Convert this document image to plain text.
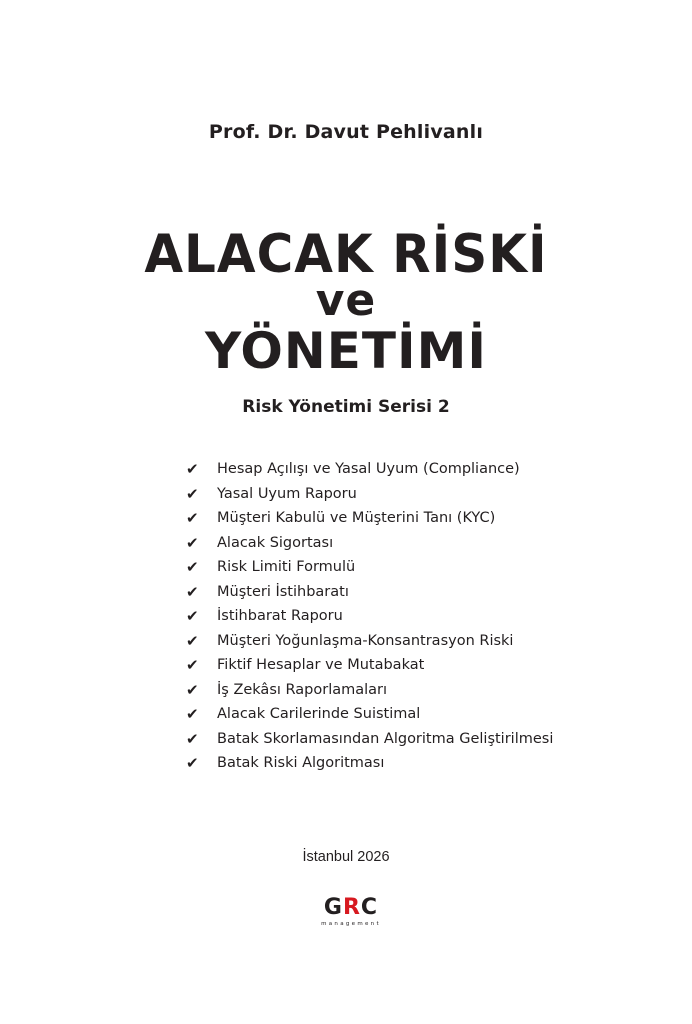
Prof. Dr. Davut Pehlivanlı
ALACAK RİSKİ
ve
YÖNETİMİ
Risk Yönetimi Serisi 2
✔	Hesap Açılışı ve Yasal Uyum (Compliance)
✔	Yasal Uyum Raporu
✔	Müşteri Kabulü ve Müşterini Tanı (KYC)
✔	Alacak Sigortası
✔	Risk Limiti Formulü
✔	Müşteri İstihbaratı
✔	İstihbarat Raporu
✔	Müşteri Yoğunlaşma-Konsantrasyon Riski
✔	Fiktif Hesaplar ve Mutabakat
✔	İş Zekâsı Raporlamaları
✔	Alacak Carilerinde Suistimal
✔	Batak Skorlamasından Algoritma Geliştirilmesi
✔	Batak Riski Algoritması
İstanbul 2026
GRC
management
